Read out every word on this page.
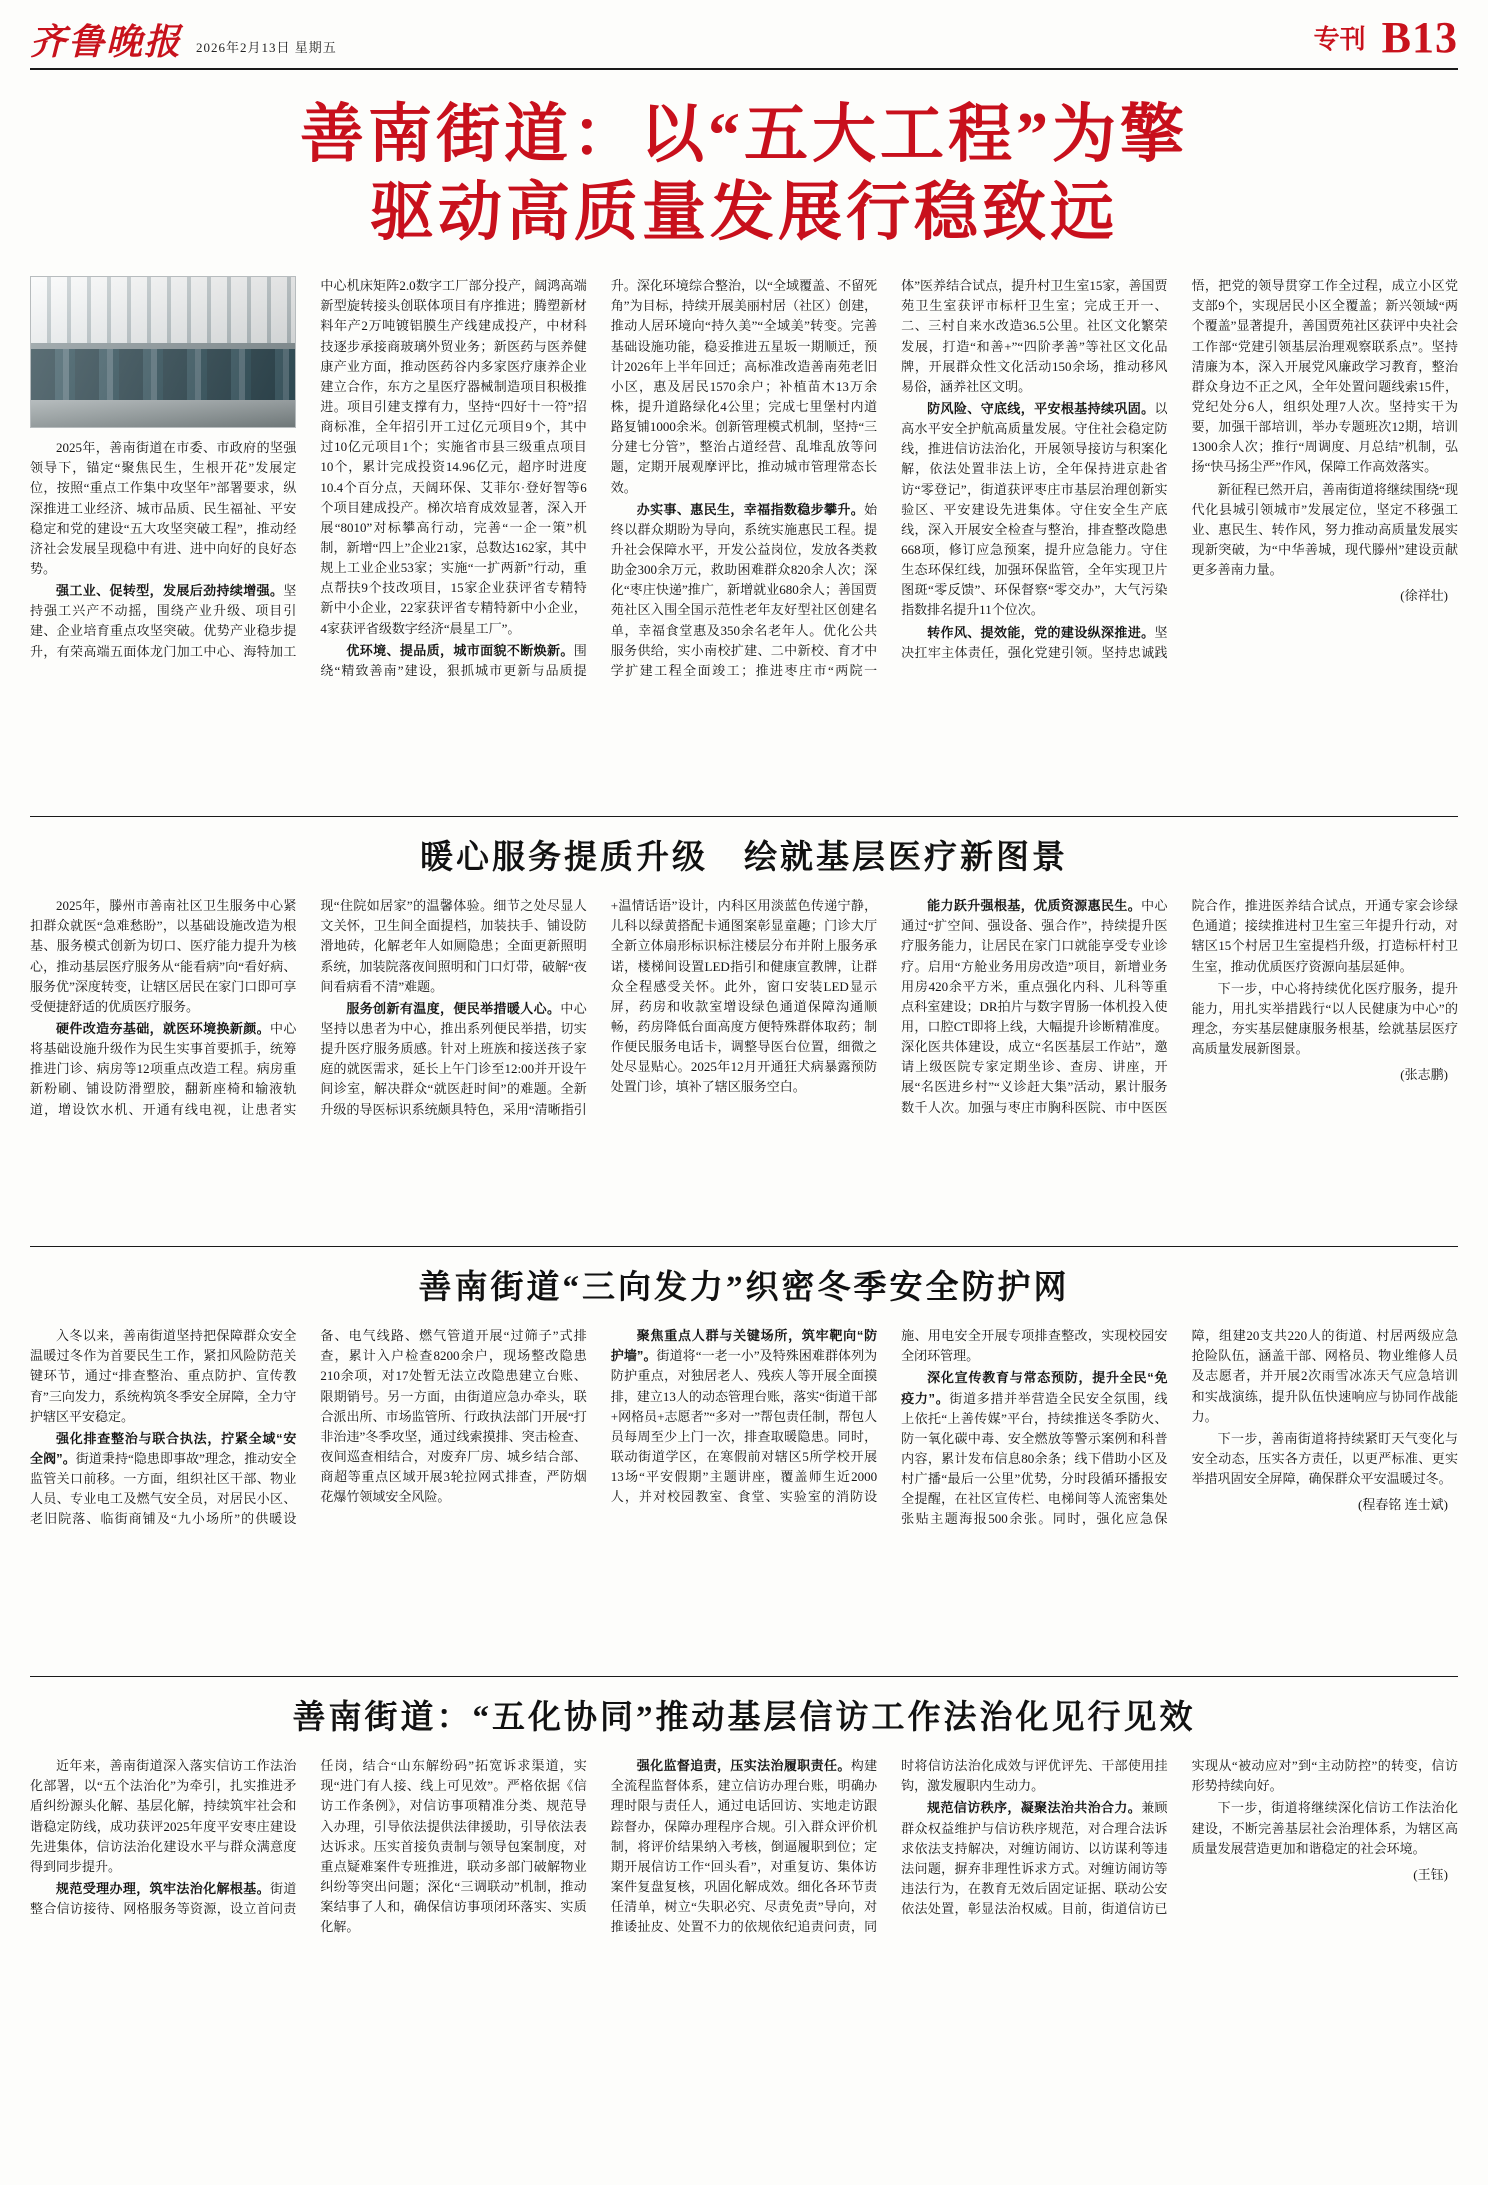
齐鲁晚报 2026年2月13日 星期五	专刊 B13
善南街道：以“五大工程”为擎
驱动高质量发展行稳致远

2025年，善南街道在市委、市政府的坚强领导下，锚定“聚焦民生，生根开花”发展定位，按照“重点工作集中攻坚年”部署要求，纵深推进工业经济、城市品质、民生福祉、平安稳定和党的建设“五大攻坚突破工程”，推动经济社会发展呈现稳中有进、进中向好的良好态势。

强工业、促转型，发展后劲持续增强。坚持强工兴产不动摇，围绕产业升级、项目引建、企业培育重点攻坚突破。优势产业稳步提升，有荣高端五面体龙门加工中心、海特加工中心机床矩阵2.0数字工厂部分投产，阔鸿高端新型旋转接头创联体项目有序推进；腾塑新材料年产2万吨镀铝膜生产线建成投产，中材科技逐步承接商玻璃外贸业务；新医药与医养健康产业方面，推动医药谷内多家医疗康养企业建立合作，东方之星医疗器械制造项目积极推进。项目引建支撑有力，坚持“四好十一符”招商标准，全年招引开工过亿元项目9个，其中过10亿元项目1个；实施省市县三级重点项目10个，累计完成投资14.96亿元，超序时进度10.4个百分点，天阔环保、艾菲尔·登好智等6个项目建成投产。梯次培育成效显著，深入开展“8010”对标攀高行动，完善“一企一策”机制，新增“四上”企业21家，总数达162家，其中规上工业企业53家；实施“一扩两新”行动，重点帮扶9个技改项目，15家企业获评省专精特新中小企业，22家获评省专精特新中小企业，4家获评省级数字经济“晨星工厂”。

优环境、提品质，城市面貌不断焕新。围绕“精致善南”建设，狠抓城市更新与品质提升。深化环境综合整治，以“全域覆盖、不留死角”为目标，持续开展美丽村居（社区）创建，推动人居环境向“持久美”“全域美”转变。完善基础设施功能，稳妥推进五星坂一期顺迁，预计2026年上半年回迁；高标准改造善南苑老旧小区，惠及居民1570余户；补植苗木13万余株，提升道路绿化4公里；完成七里堡村内道路复铺1000余米。创新管理模式机制，坚持“三分建七分管”，整治占道经营、乱堆乱放等问题，定期开展观摩评比，推动城市管理常态长效。

办实事、惠民生，幸福指数稳步攀升。始终以群众期盼为导向，系统实施惠民工程。提升社会保障水平，开发公益岗位，发放各类救助金300余万元，救助困难群众820余人次；深化“枣庄快递”推广，新增就业680余人；善国贾苑社区入围全国示范性老年友好型社区创建名单，幸福食堂惠及350余名老年人。优化公共服务供给，实小南校扩建、二中新校、育才中学扩建工程全面竣工；推进枣庄市“两院一体”医养结合试点，提升村卫生室15家，善国贾苑卫生室获评市标杆卫生室；完成王开一、二、三村自来水改造36.5公里。社区文化繁荣发展，打造“和善+”“四阶孝善”等社区文化品牌，开展群众性文化活动150余场，推动移风易俗，涵养社区文明。

防风险、守底线，平安根基持续巩固。以高水平安全护航高质量发展。守住社会稳定防线，推进信访法治化，开展领导接访与积案化解，依法处置非法上访，全年保持进京赴省访“零登记”，街道获评枣庄市基层治理创新实验区、平安建设先进集体。守住安全生产底线，深入开展安全检查与整治，排查整改隐患668项，修订应急预案，提升应急能力。守住生态环保红线，加强环保监管，全年实现卫片图斑“零反馈”、环保督察“零交办”，大气污染指数排名提升11个位次。

转作风、提效能，党的建设纵深推进。坚决扛牢主体责任，强化党建引领。坚持忠诚践悟，把党的领导贯穿工作全过程，成立小区党支部9个，实现居民小区全覆盖；新兴领域“两个覆盖”显著提升，善国贾苑社区获评中央社会工作部“党建引领基层治理观察联系点”。坚持清廉为本，深入开展党风廉政学习教育，整治群众身边不正之风，全年处置问题线索15件，党纪处分6人，组织处理7人次。坚持实干为要，加强干部培训，举办专题班次12期，培训1300余人次；推行“周调度、月总结”机制，弘扬“快马扬尘严”作风，保障工作高效落实。

新征程已然开启，善南街道将继续围绕“现代化县城引领城市”发展定位，坚定不移强工业、惠民生、转作风，努力推动高质量发展实现新突破，为“中华善城，现代滕州”建设贡献更多善南力量。

(徐祥壮)

暖心服务提质升级　绘就基层医疗新图景

2025年，滕州市善南社区卫生服务中心紧扣群众就医“急难愁盼”，以基础设施改造为根基、服务模式创新为切口、医疗能力提升为核心，推动基层医疗服务从“能看病”向“看好病、服务优”深度转变，让辖区居民在家门口即可享受便捷舒适的优质医疗服务。

硬件改造夯基础，就医环境换新颜。中心将基础设施升级作为民生实事首要抓手，统筹推进门诊、病房等12项重点改造工程。病房重新粉刷、铺设防滑塑胶，翻新座椅和输液轨道，增设饮水机、开通有线电视，让患者实现“住院如居家”的温馨体验。细节之处尽显人文关怀，卫生间全面提档，加装扶手、铺设防滑地砖，化解老年人如厕隐患；全面更新照明系统，加装院落夜间照明和门口灯带，破解“夜间看病看不清”难题。

服务创新有温度，便民举措暖人心。中心坚持以患者为中心，推出系列便民举措，切实提升医疗服务质感。针对上班族和接送孩子家庭的就医需求，延长上午门诊至12:00并开设午间诊室，解决群众“就医赶时间”的难题。全新升级的导医标识系统颇具特色，采用“清晰指引+温情话语”设计，内科区用淡蓝色传递宁静，儿科以绿黄搭配卡通图案彰显童趣；门诊大厅全新立体扇形标识标注楼层分布并附上服务承诺，楼梯间设置LED指引和健康宣教牌，让群众全程感受关怀。此外，窗口安装LED显示屏，药房和收款室增设绿色通道保障沟通顺畅，药房降低台面高度方便特殊群体取药；制作便民服务电话卡，调整导医台位置，细微之处尽显贴心。2025年12月开通狂犬病暴露预防处置门诊，填补了辖区服务空白。

能力跃升强根基，优质资源惠民生。中心通过“扩空间、强设备、强合作”，持续提升医疗服务能力，让居民在家门口就能享受专业诊疗。启用“方舱业务用房改造”项目，新增业务用房420余平方米，重点强化内科、儿科等重点科室建设；DR拍片与数字胃肠一体机投入使用，口腔CT即将上线，大幅提升诊断精准度。深化医共体建设，成立“名医基层工作站”，邀请上级医院专家定期坐诊、查房、讲座，开展“名医进乡村”“义诊赶大集”活动，累计服务数千人次。加强与枣庄市胸科医院、市中医医院合作，推进医养结合试点，开通专家会诊绿色通道；接续推进村卫生室三年提升行动，对辖区15个村居卫生室提档升级，打造标杆村卫生室，推动优质医疗资源向基层延伸。

下一步，中心将持续优化医疗服务，提升能力，用扎实举措践行“以人民健康为中心”的理念，夯实基层健康服务根基，绘就基层医疗高质量发展新图景。

(张志鹏)

善南街道“三向发力”织密冬季安全防护网

入冬以来，善南街道坚持把保障群众安全温暖过冬作为首要民生工作，紧扣风险防范关键环节，通过“排查整治、重点防护、宣传教育”三向发力，系统构筑冬季安全屏障，全力守护辖区平安稳定。

强化排查整治与联合执法，拧紧全域“安全阀”。街道秉持“隐患即事故”理念，推动安全监管关口前移。一方面，组织社区干部、物业人员、专业电工及燃气安全员，对居民小区、老旧院落、临街商铺及“九小场所”的供暖设备、电气线路、燃气管道开展“过筛子”式排查，累计入户检查8200余户，现场整改隐患210余项，对17处暂无法立改隐患建立台账、限期销号。另一方面，由街道应急办牵头，联合派出所、市场监管所、行政执法部门开展“打非治违”冬季攻坚，通过线索摸排、突击检查、夜间巡查相结合，对废弃厂房、城乡结合部、商超等重点区域开展3轮拉网式排查，严防烟花爆竹领域安全风险。

聚焦重点人群与关键场所，筑牢靶向“防护墙”。街道将“一老一小”及特殊困难群体列为防护重点，对独居老人、残疾人等开展全面摸排，建立13人的动态管理台账，落实“街道干部+网格员+志愿者”“多对一”帮包责任制，帮包人员每周至少上门一次，排查取暖隐患。同时，联动街道学区，在寒假前对辖区5所学校开展13场“平安假期”主题讲座，覆盖师生近2000人，并对校园教室、食堂、实验室的消防设施、用电安全开展专项排查整改，实现校园安全闭环管理。

深化宣传教育与常态预防，提升全民“免疫力”。街道多措并举营造全民安全氛围，线上依托“上善传媒”平台，持续推送冬季防火、防一氧化碳中毒、安全燃放等警示案例和科普内容，累计发布信息80余条；线下借助小区及村广播“最后一公里”优势，分时段循环播报安全提醒，在社区宣传栏、电梯间等人流密集处张贴主题海报500余张。同时，强化应急保障，组建20支共220人的街道、村居两级应急抢险队伍，涵盖干部、网格员、物业维修人员及志愿者，并开展2次雨雪冰冻天气应急培训和实战演练，提升队伍快速响应与协同作战能力。

下一步，善南街道将持续紧盯天气变化与安全动态，压实各方责任，以更严标准、更实举措巩固安全屏障，确保群众平安温暖过冬。

(程春铭 连士斌)

善南街道：“五化协同”推动基层信访工作法治化见行见效

近年来，善南街道深入落实信访工作法治化部署，以“五个法治化”为牵引，扎实推进矛盾纠纷源头化解、基层化解，持续筑牢社会和谐稳定防线，成功获评2025年度平安枣庄建设先进集体，信访法治化建设水平与群众满意度得到同步提升。

规范受理办理，筑牢法治化解根基。街道整合信访接待、网格服务等资源，设立首问责任岗，结合“山东解纷码”拓宽诉求渠道，实现“进门有人接、线上可见效”。严格依据《信访工作条例》，对信访事项精准分类、规范导入办理，引导依法提供法律援助，引导依法表达诉求。压实首接负责制与领导包案制度，对重点疑难案件专班推进，联动多部门破解物业纠纷等突出问题；深化“三调联动”机制，推动案结事了人和，确保信访事项闭环落实、实质化解。

强化监督追责，压实法治履职责任。构建全流程监督体系，建立信访办理台账，明确办理时限与责任人，通过电话回访、实地走访跟踪督办，保障办理程序合规。引入群众评价机制，将评价结果纳入考核，倒逼履职到位；定期开展信访工作“回头看”，对重复访、集体访案件复盘复核，巩固化解成效。细化各环节责任清单，树立“失职必究、尽责免责”导向，对推诿扯皮、处置不力的依规依纪追责问责，同时将信访法治化成效与评优评先、干部使用挂钩，激发履职内生动力。

规范信访秩序，凝聚法治共治合力。兼顾群众权益维护与信访秩序规范，对合理合法诉求依法支持解决，对缠访闹访、以访谋利等违法问题，摒弃非理性诉求方式。对缠访闹访等违法行为，在教育无效后固定证据、联动公安依法处置，彰显法治权威。目前，街道信访已实现从“被动应对”到“主动防控”的转变，信访形势持续向好。

下一步，街道将继续深化信访工作法治化建设，不断完善基层社会治理体系，为辖区高质量发展营造更加和谐稳定的社会环境。

(王钰)
